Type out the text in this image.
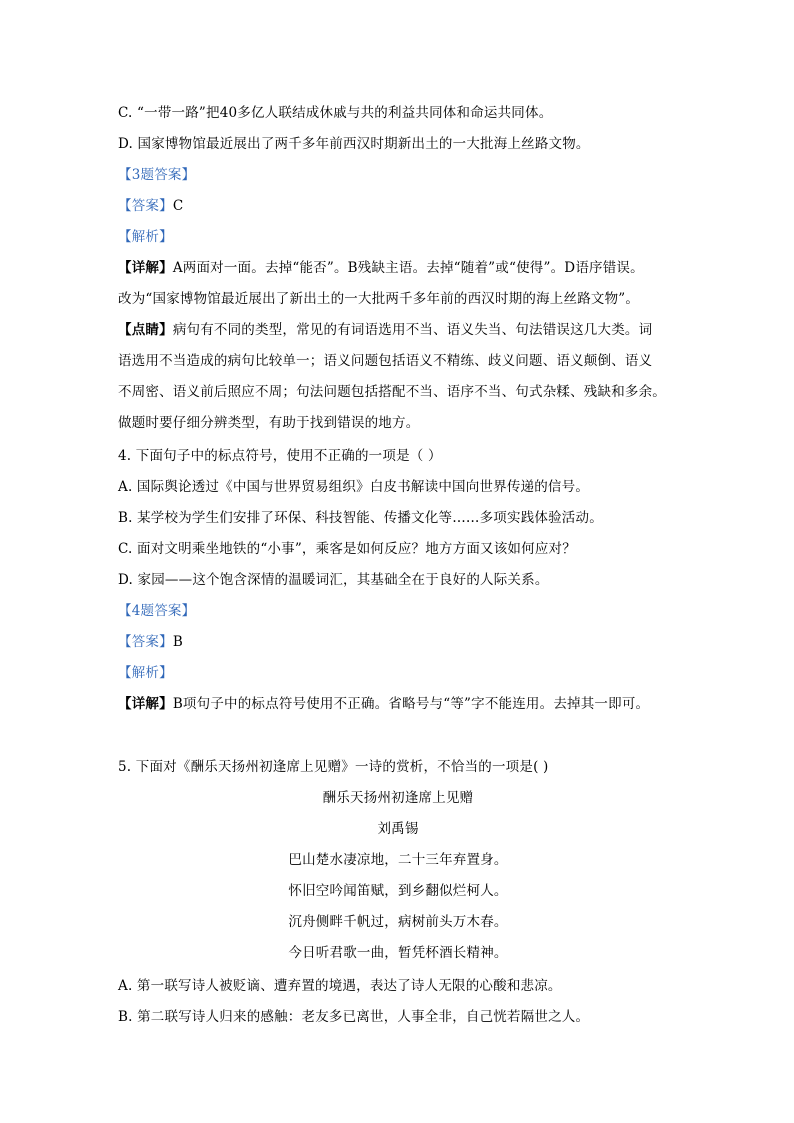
C. “一带一路”把40多亿人联结成休戚与共的利益共同体和命运共同体。
D. 国家博物馆最近展出了两千多年前西汉时期新出土的一大批海上丝路文物。
【3题答案】
【答案】C
【解析】
【详解】A两面对一面。去掉“能否”。B残缺主语。去掉“随着”或“使得”。D语序错误。
改为“国家博物馆最近展出了新出土的一大批两千多年前的西汉时期的海上丝路文物”。
【点睛】病句有不同的类型，常见的有词语选用不当、语义失当、句法错误这几大类。词
语选用不当造成的病句比较单一；语义问题包括语义不精练、歧义问题、语义颠倒、语义
不周密、语义前后照应不周；句法问题包括搭配不当、语序不当、句式杂糅、残缺和多余。
做题时要仔细分辨类型，有助于找到错误的地方。
4. 下面句子中的标点符号，使用不正确的一项是（ ）
A. 国际舆论透过《中国与世界贸易组织》白皮书解读中国向世界传递的信号。
B. 某学校为学生们安排了环保、科技智能、传播文化等……多项实践体验活动。
C. 面对文明乘坐地铁的“小事”，乘客是如何反应？地方方面又该如何应对？
D. 家园——这个饱含深情的温暖词汇，其基础全在于良好的人际关系。
【4题答案】
【答案】B
【解析】
【详解】B项句子中的标点符号使用不正确。省略号与“等”字不能连用。去掉其一即可。
5. 下面对《酬乐天扬州初逢席上见赠》一诗的赏析，不恰当的一项是( )
酬乐天扬州初逢席上见赠
刘禹锡
巴山楚水凄凉地，二十三年弃置身。
怀旧空吟闻笛赋，到乡翻似烂柯人。
沉舟侧畔千帆过，病树前头万木春。
今日听君歌一曲，暂凭杯酒长精神。
A. 第一联写诗人被贬谪、遭弃置的境遇，表达了诗人无限的心酸和悲凉。
B. 第二联写诗人归来的感触：老友多已离世，人事全非，自己恍若隔世之人。
